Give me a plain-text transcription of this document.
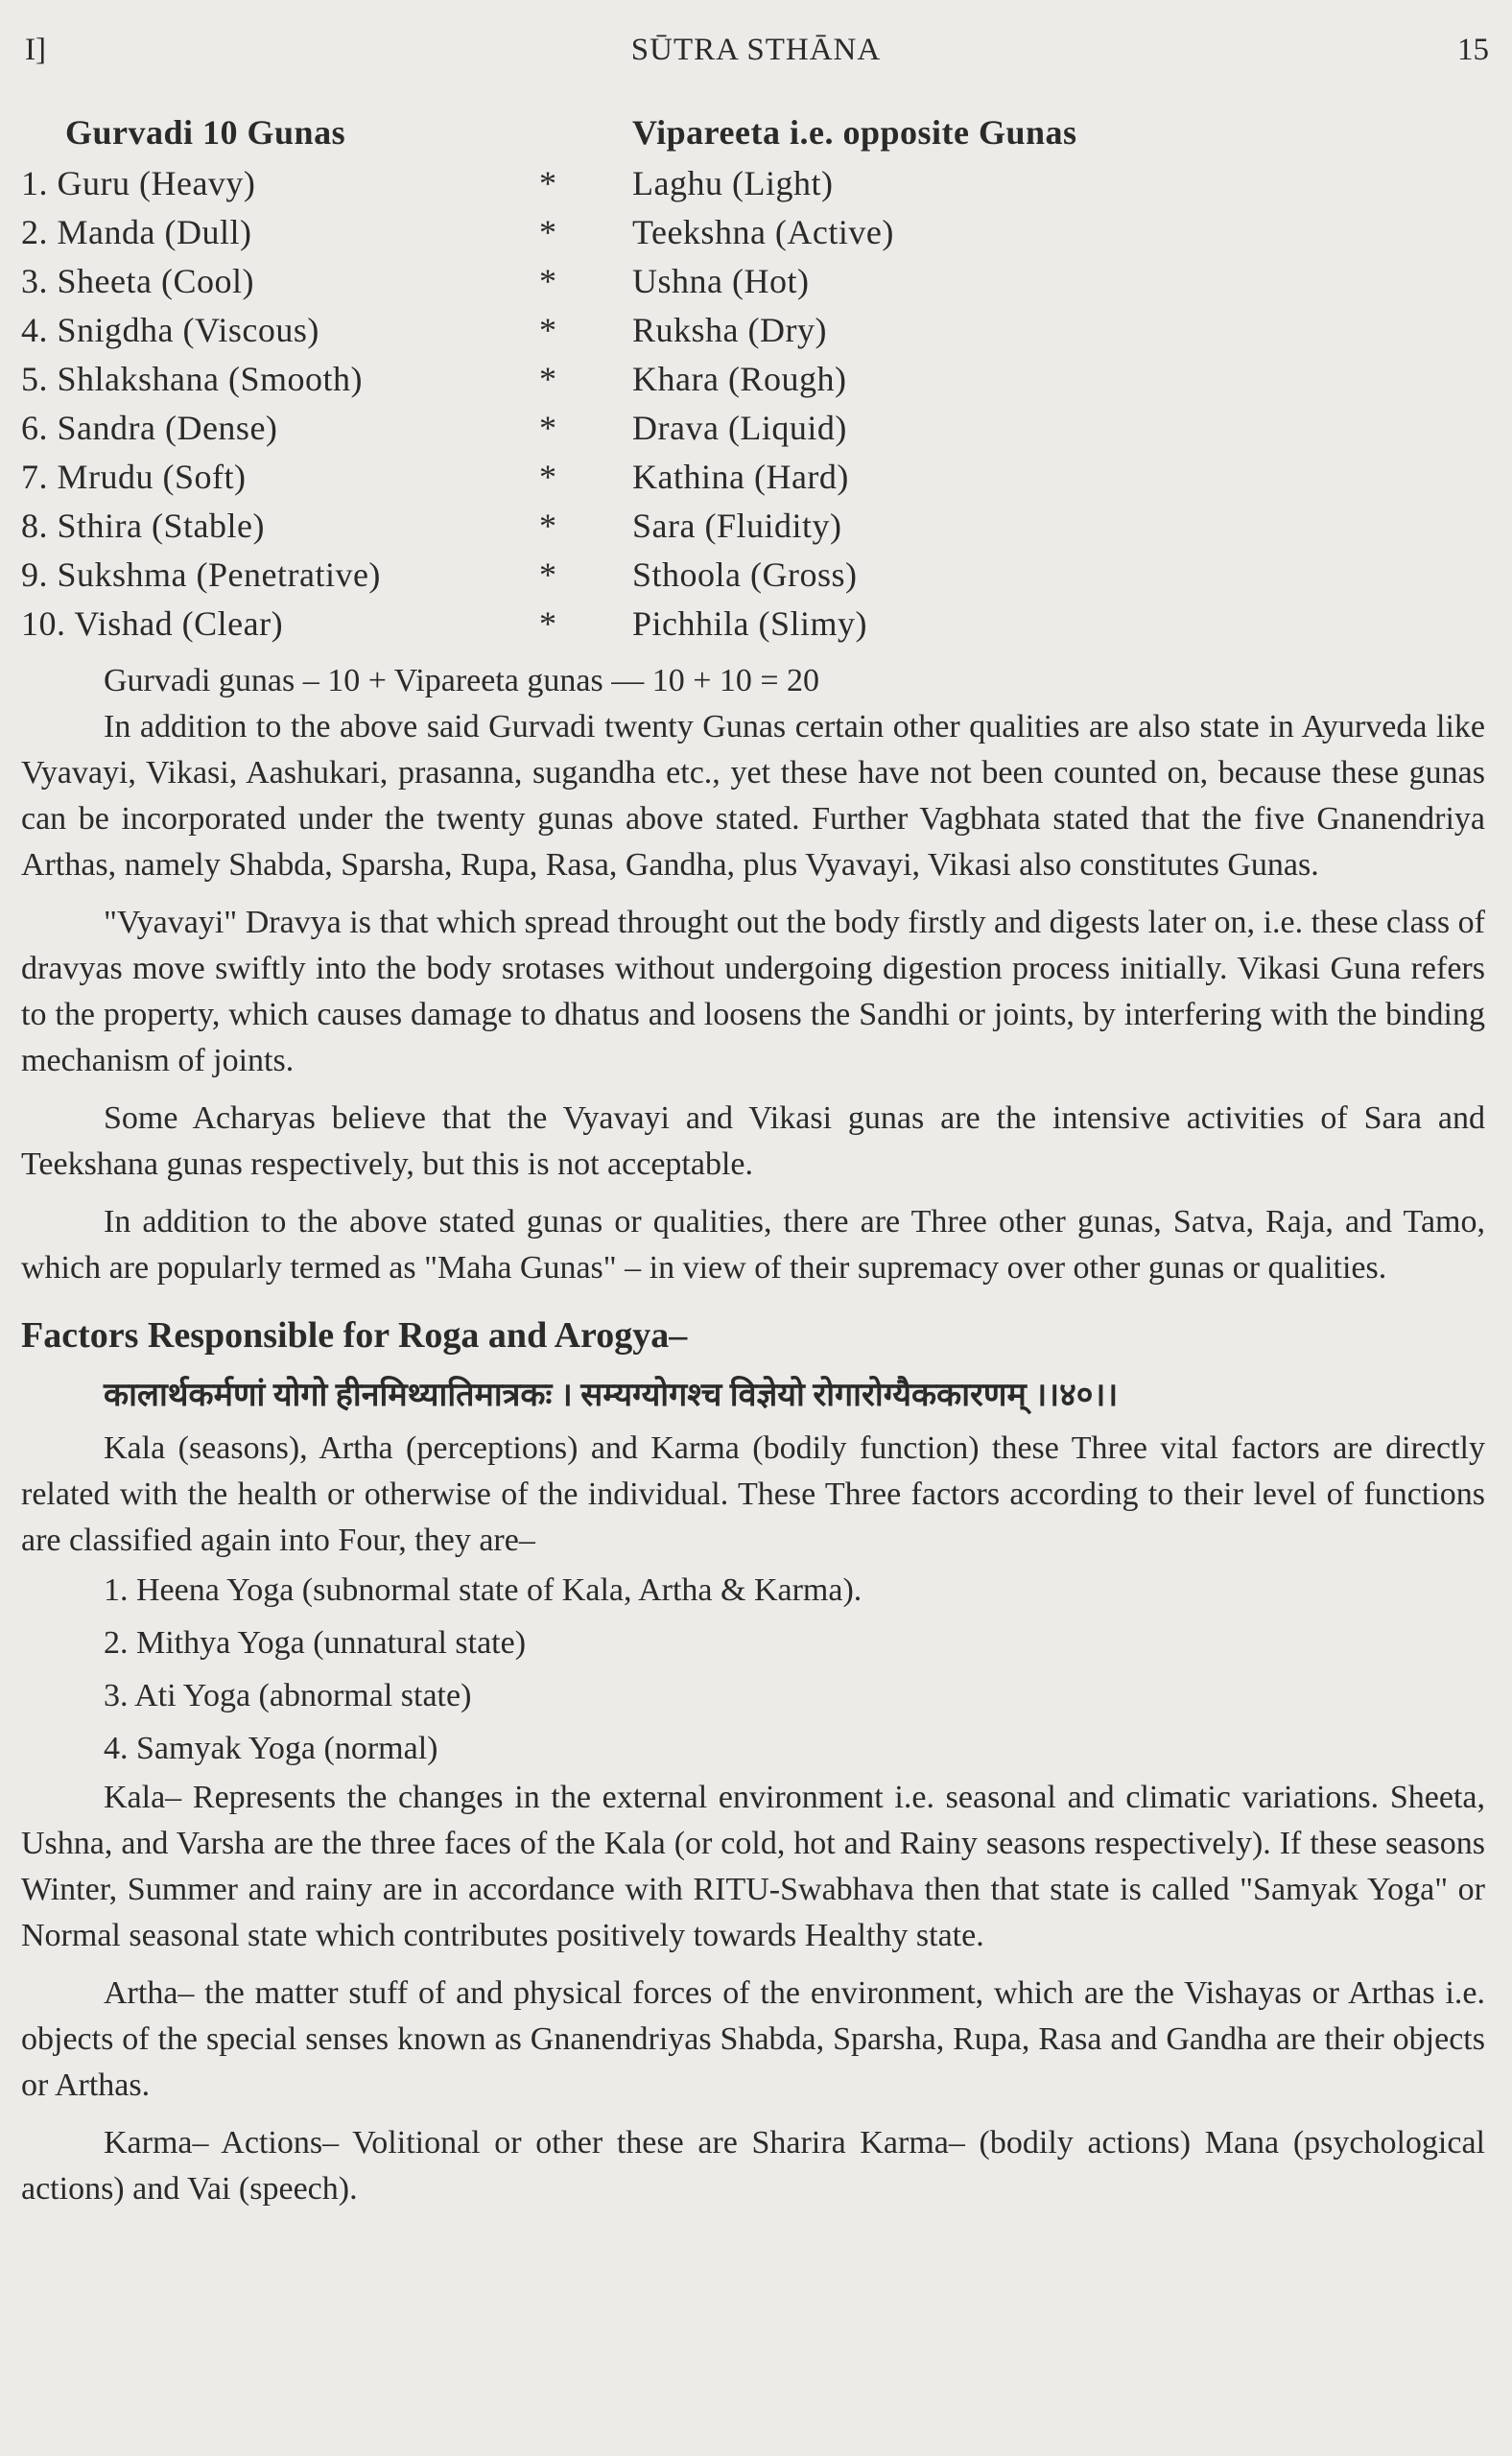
I]	SŪTRA STHĀNA	15
Gurvadi 10 Gunas	Vipareeta i.e. opposite Gunas
1. Guru (Heavy)	* Laghu (Light)
2. Manda (Dull)	* Teekshna (Active)
3. Sheeta (Cool)	* Ushna (Hot)
4. Snigdha (Viscous)	* Ruksha (Dry)
5. Shlakshana (Smooth)	* Khara (Rough)
6. Sandra (Dense)	* Drava (Liquid)
7. Mrudu (Soft)	* Kathina (Hard)
8. Sthira (Stable)	* Sara (Fluidity)
9. Sukshma (Penetrative)	* Sthoola (Gross)
10. Vishad (Clear)	* Pichhila (Slimy)

Gurvadi gunas – 10 + Vipareeta gunas — 10 + 10 = 20

In addition to the above said Gurvadi twenty Gunas certain other qualities are also state in Ayurveda like Vyavayi, Vikasi, Aashukari, prasanna, sugandha etc., yet these have not been counted on, because these gunas can be incorporated under the twenty gunas above stated. Further Vagbhata stated that the five Gnanendriya Arthas, namely Shabda, Sparsha, Rupa, Rasa, Gandha, plus Vyavayi, Vikasi also constitutes Gunas.

"Vyavayi" Dravya is that which spread throught out the body firstly and digests later on, i.e. these class of dravyas move swiftly into the body srotases without undergoing digestion process initially. Vikasi Guna refers to the property, which causes damage to dhatus and loosens the Sandhi or joints, by interfering with the binding mechanism of joints.

Some Acharyas believe that the Vyavayi and Vikasi gunas are the intensive activities of Sara and Teekshana gunas respectively, but this is not acceptable.

In addition to the above stated gunas or qualities, there are Three other gunas, Satva, Raja, and Tamo, which are popularly termed as "Maha Gunas" – in view of their supremacy over other gunas or qualities.

Factors Responsible for Roga and Arogya–

कालार्थकर्मणां योगो हीनमिथ्यातिमात्रकः । सम्यग्योगश्च विज्ञेयो रोगारोग्यैककारणम् ।।४०।।

Kala (seasons), Artha (perceptions) and Karma (bodily function) these Three vital factors are directly related with the health or otherwise of the individual. These Three factors according to their level of functions are classified again into Four, they are–

1. Heena Yoga (subnormal state of Kala, Artha & Karma).
2. Mithya Yoga (unnatural state)
3. Ati Yoga (abnormal state)
4. Samyak Yoga (normal)

Kala– Represents the changes in the external environment i.e. seasonal and climatic variations. Sheeta, Ushna, and Varsha are the three faces of the Kala (or cold, hot and Rainy seasons respectively). If these seasons Winter, Summer and rainy are in accordance with RITU-Swabhava then that state is called "Samyak Yoga" or Normal seasonal state which contributes positively towards Healthy state.

Artha– the matter stuff of and physical forces of the environment, which are the Vishayas or Arthas i.e. objects of the special senses known as Gnanendriyas Shabda, Sparsha, Rupa, Rasa and Gandha are their objects or Arthas.

Karma– Actions– Volitional or other these are Sharira Karma– (bodily actions) Mana (psychological actions) and Vai (speech).
